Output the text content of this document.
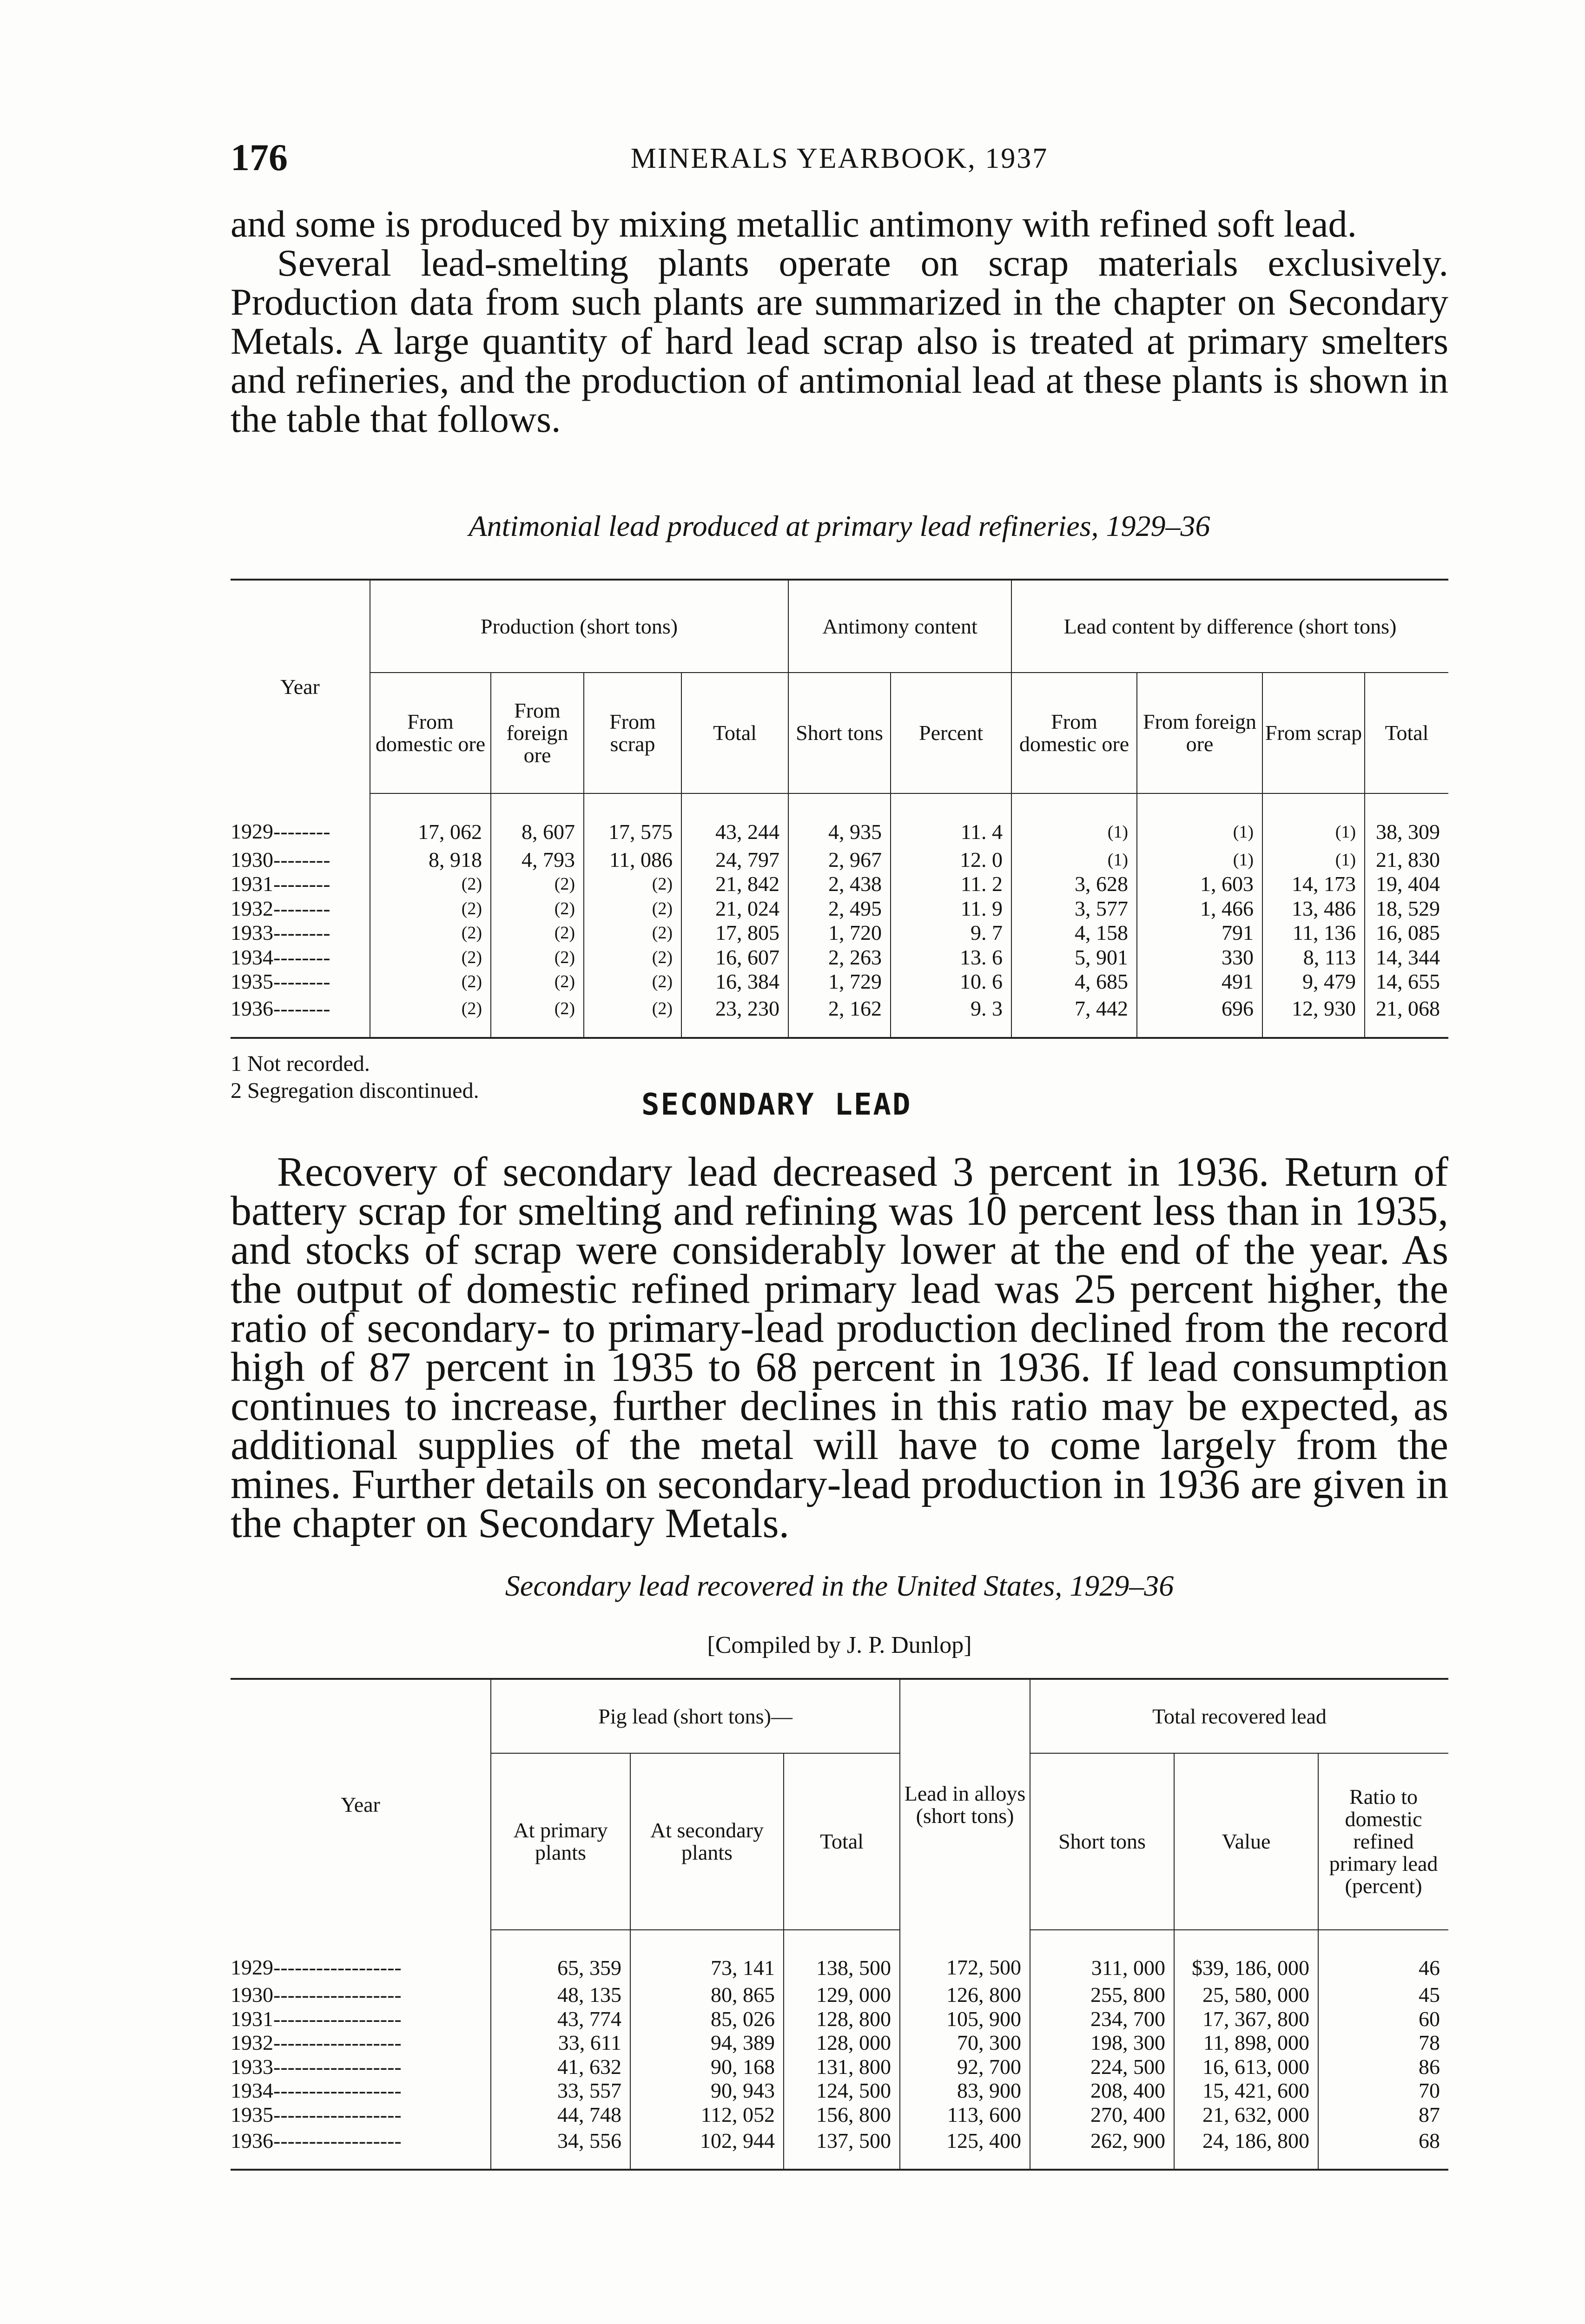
176	MINERALS YEARBOOK, 1937

and some is produced by mixing metallic antimony with refined soft lead.

Several lead-smelting plants operate on scrap materials exclusively. Production data from such plants are summarized in the chapter on Secondary Metals. A large quantity of hard lead scrap also is treated at primary smelters and refineries, and the production of antimonial lead at these plants is shown in the table that follows.

Antimonial lead produced at primary lead refineries, 1929–36

Year	Production (short tons)				Antimony content		Lead content by difference (short tons)			
	From domestic ore	From foreign ore	From scrap	Total	Short tons	Percent	From domestic ore	From foreign ore	From scrap	Total
1929--------	17, 062	8, 607	17, 575	43, 244	4, 935	11. 4	(1)	(1)	(1)	38, 309
1930--------	8, 918	4, 793	11, 086	24, 797	2, 967	12. 0	(1)	(1)	(1)	21, 830
1931--------	(2)	(2)	(2)	21, 842	2, 438	11. 2	3, 628	1, 603	14, 173	19, 404
1932--------	(2)	(2)	(2)	21, 024	2, 495	11. 9	3, 577	1, 466	13, 486	18, 529
1933--------	(2)	(2)	(2)	17, 805	1, 720	9. 7	4, 158	791	11, 136	16, 085
1934--------	(2)	(2)	(2)	16, 607	2, 263	13. 6	5, 901	330	8, 113	14, 344
1935--------	(2)	(2)	(2)	16, 384	1, 729	10. 6	4, 685	491	9, 479	14, 655
1936--------	(2)	(2)	(2)	23, 230	2, 162	9. 3	7, 442	696	12, 930	21, 068

1 Not recorded.

2 Segregation discontinued.	SECONDARY LEAD

Recovery of secondary lead decreased 3 percent in 1936. Return of battery scrap for smelting and refining was 10 percent less than in 1935, and stocks of scrap were considerably lower at the end of the year. As the output of domestic refined primary lead was 25 percent higher, the ratio of secondary- to primary-lead production declined from the record high of 87 percent in 1935 to 68 percent in 1936. If lead consumption continues to increase, further declines in this ratio may be expected, as additional supplies of the metal will have to come largely from the mines. Further details on secondary-lead production in 1936 are given in the chapter on Secondary Metals.

Secondary lead recovered in the United States, 1929–36

[Compiled by J. P. Dunlop]

Year	Pig lead (short tons)—			Lead in alloys (short tons)	Total recovered lead		
	At primary plants	At secondary plants	Total		Short tons	Value	Ratio to domestic refined primary lead (percent)
1929------------------	65, 359	73, 141	138, 500	172, 500	311, 000	$39, 186, 000	46
1930------------------	48, 135	80, 865	129, 000	126, 800	255, 800	25, 580, 000	45
1931------------------	43, 774	85, 026	128, 800	105, 900	234, 700	17, 367, 800	60
1932------------------	33, 611	94, 389	128, 000	70, 300	198, 300	11, 898, 000	78
1933------------------	41, 632	90, 168	131, 800	92, 700	224, 500	16, 613, 000	86
1934------------------	33, 557	90, 943	124, 500	83, 900	208, 400	15, 421, 600	70
1935------------------	44, 748	112, 052	156, 800	113, 600	270, 400	21, 632, 000	87
1936------------------	34, 556	102, 944	137, 500	125, 400	262, 900	24, 186, 800	68
